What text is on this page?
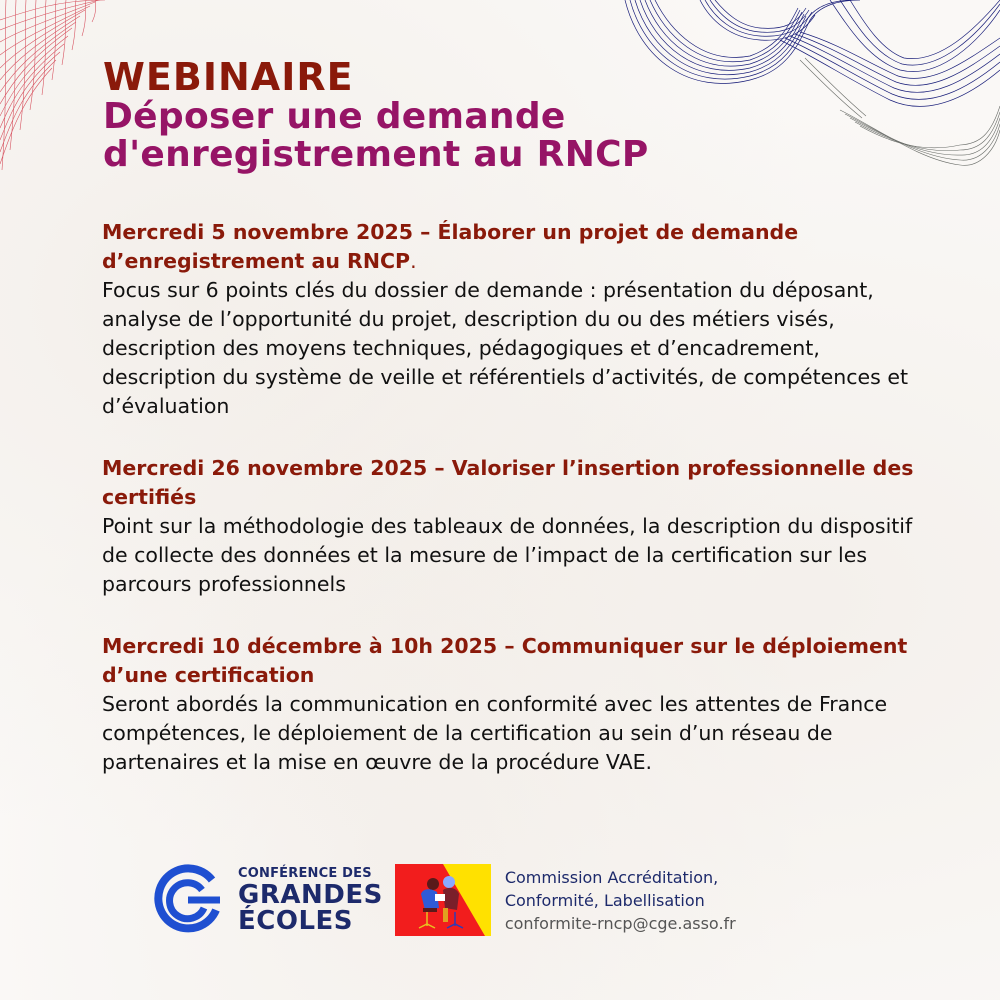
WEBINAIRE
Déposer une demande
d'enregistrement au RNCP
Mercredi 5 novembre 2025 – Élaborer un projet de demande d’enregistrement au RNCP.
Focus sur 6 points clés du dossier de demande : présentation du déposant, analyse de l’opportunité du projet, description du ou des métiers visés, description des moyens techniques, pédagogiques et d’encadrement, description du système de veille et référentiels d’activités, de compétences et d’évaluation
Mercredi 26 novembre 2025 – Valoriser l’insertion professionnelle des certifiés
Point sur la méthodologie des tableaux de données, la description du dispositif de collecte des données et la mesure de l’impact de la certification sur les parcours professionnels
Mercredi 10 décembre à 10h 2025 – Communiquer sur le déploiement d’une certification
Seront abordés la communication en conformité avec les attentes de France compétences, le déploiement de la certification au sein d’un réseau de partenaires et la mise en œuvre de la procédure VAE.
CONFÉRENCE DES
GRANDES
ÉCOLES
Commission Accréditation,
Conformité, Labellisation
conformite-rncp@cge.asso.fr
